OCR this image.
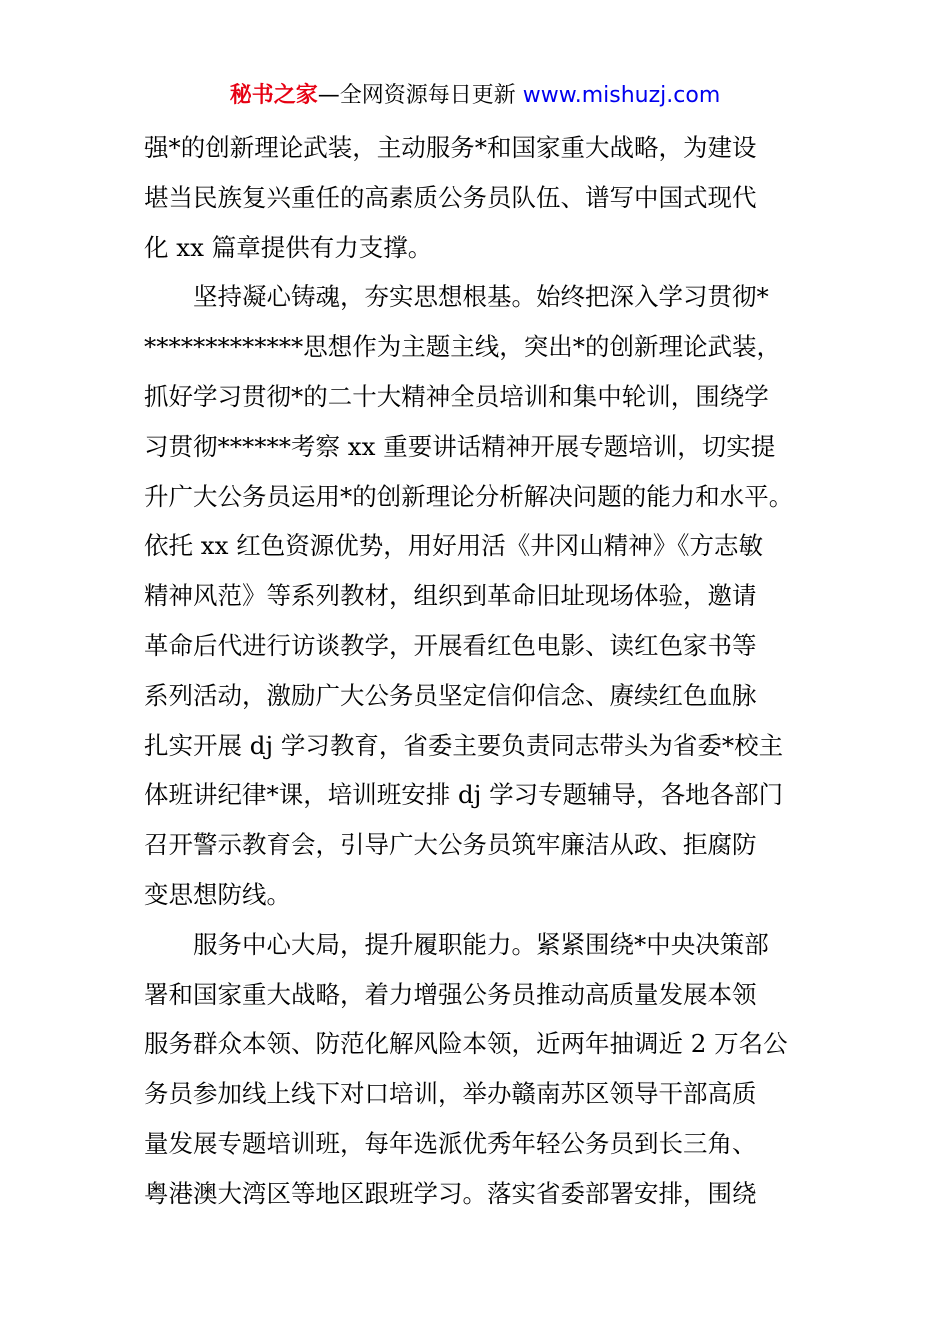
秘书之家—全网资源每日更新 www.mishuzj.com
强*的创新理论武装，主动服务*和国家重大战略，为建设
堪当民族复兴重任的高素质公务员队伍、谱写中国式现代
化 xx 篇章提供有力支撑。
坚持凝心铸魂，夯实思想根基。始终把深入学习贯彻*
*************思想作为主题主线，突出*的创新理论武装，
抓好学习贯彻*的二十大精神全员培训和集中轮训，围绕学
习贯彻******考察 xx 重要讲话精神开展专题培训，切实提
升广大公务员运用*的创新理论分析解决问题的能力和水平。
依托 xx 红色资源优势，用好用活《井冈山精神》《方志敏
精神风范》等系列教材，组织到革命旧址现场体验，邀请
革命后代进行访谈教学，开展看红色电影、读红色家书等
系列活动，激励广大公务员坚定信仰信念、赓续红色血脉
扎实开展 dj 学习教育，省委主要负责同志带头为省委*校主
体班讲纪律*课，培训班安排 dj 学习专题辅导，各地各部门
召开警示教育会，引导广大公务员筑牢廉洁从政、拒腐防
变思想防线。
服务中心大局，提升履职能力。紧紧围绕*中央决策部
署和国家重大战略，着力增强公务员推动高质量发展本领
服务群众本领、防范化解风险本领，近两年抽调近 2 万名公
务员参加线上线下对口培训，举办赣南苏区领导干部高质
量发展专题培训班，每年选派优秀年轻公务员到长三角、
粤港澳大湾区等地区跟班学习。落实省委部署安排，围绕
